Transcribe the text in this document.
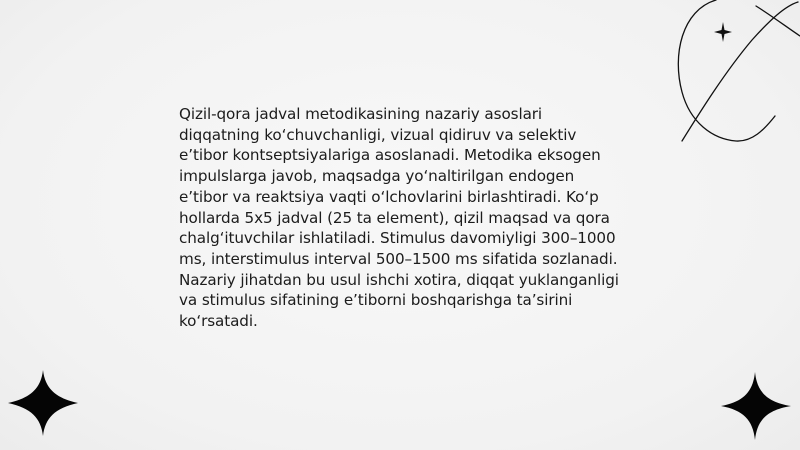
Qizil-qora jadval metodikasining nazariy asoslari diqqatning ko‘chuvchanligi, vizual qidiruv va selektiv e’tibor kontseptsiyalariga asoslanadi. Metodika eksogen impulslarga javob, maqsadga yo‘naltirilgan endogen e’tibor va reaktsiya vaqti o‘lchovlarini birlashtiradi. Ko‘p hollarda 5x5 jadval (25 ta element), qizil maqsad va qora chalg‘ituvchilar ishlatiladi. Stimulus davomiyligi 300–1000 ms, interstimulus interval 500–1500 ms sifatida sozlanadi. Nazariy jihatdan bu usul ishchi xotira, diqqat yuklanganligi va stimulus sifatining e’tiborni boshqarishga ta’sirini ko‘rsatadi.
